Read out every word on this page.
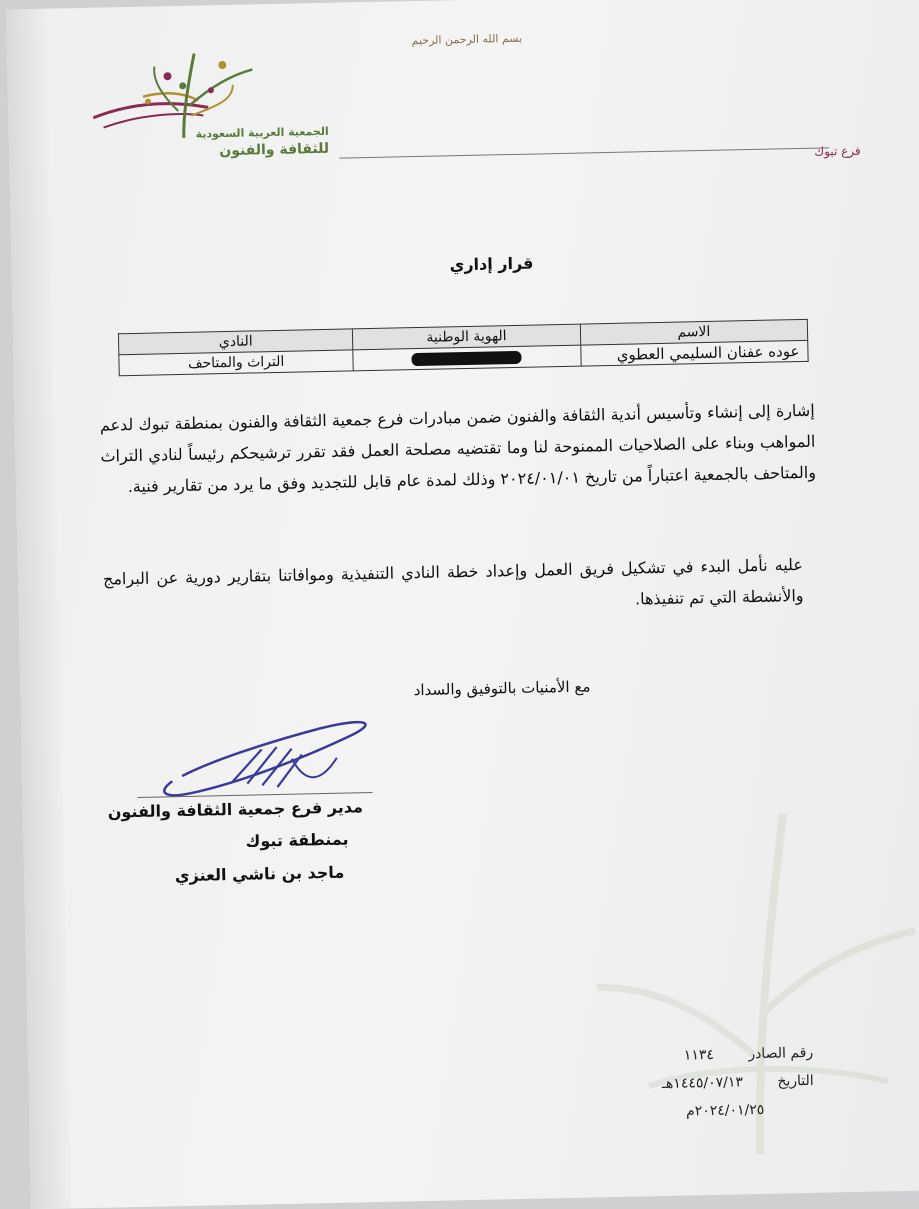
بسم الله الرحمن الرحيم
الجمعية العربية السعودية
للثقافة والفنون	فرع تبوك
قرار إداري
الاسم	الهوية الوطنية	النادي
عوده عفنان السليمي العطوي		التراث والمتاحف

إشارة إلى إنشاء وتأسيس أندية الثقافة والفنون ضمن مبادرات فرع جمعية الثقافة والفنون بمنطقة تبوك لدعم المواهب وبناء على الصلاحيات الممنوحة لنا وما تقتضيه مصلحة العمل فقد تقرر ترشيحكم رئيساً لنادي التراث والمتاحف بالجمعية اعتباراً من تاريخ ٢٠٢٤/٠١/٠١ وذلك لمدة عام قابل للتجديد وفق ما يرد من تقارير فنية.

عليه نأمل البدء في تشكيل فريق العمل وإعداد خطة النادي التنفيذية وموافاتنا بتقارير دورية عن البرامج والأنشطة التي تم تنفيذها.

مع الأمنيات بالتوفيق والسداد
مدير فرع جمعية الثقافة والفنون
بمنطقة تبوك
ماجد بن ناشي العنزي
رقم الصادر ١١٣٤
التاريخ ١٤٤٥/٠٧/١٣هـ
٢٠٢٤/٠١/٢٥م
